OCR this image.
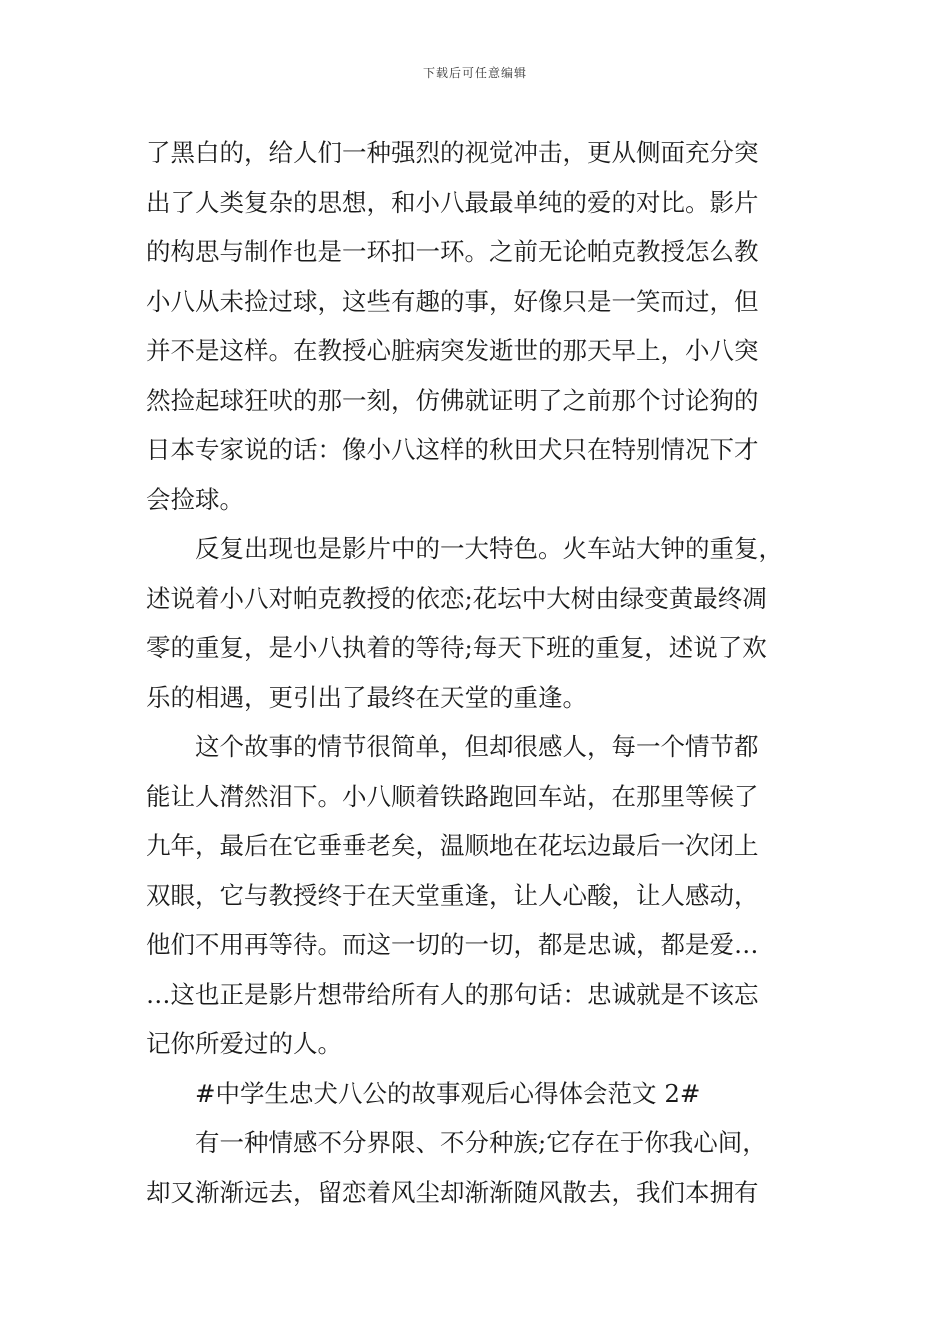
下载后可任意编辑
了黑白的，给人们一种强烈的视觉冲击，更从侧面充分突
出了人类复杂的思想，和小八最最单纯的爱的对比。影片
的构思与制作也是一环扣一环。之前无论帕克教授怎么教
小八从未捡过球，这些有趣的事，好像只是一笑而过，但
并不是这样。在教授心脏病突发逝世的那天早上，小八突
然捡起球狂吠的那一刻，仿佛就证明了之前那个讨论狗的
日本专家说的话：像小八这样的秋田犬只在特别情况下才
会捡球。
反复出现也是影片中的一大特色。火车站大钟的重复，
述说着小八对帕克教授的依恋;花坛中大树由绿变黄最终凋
零的重复，是小八执着的等待;每天下班的重复，述说了欢
乐的相遇，更引出了最终在天堂的重逢。
这个故事的情节很简单，但却很感人，每一个情节都
能让人潸然泪下。小八顺着铁路跑回车站，在那里等候了
九年，最后在它垂垂老矣，温顺地在花坛边最后一次闭上
双眼，它与教授终于在天堂重逢，让人心酸，让人感动，
他们不用再等待。而这一切的一切，都是忠诚，都是爱…
…这也正是影片想带给所有人的那句话：忠诚就是不该忘
记你所爱过的人。
#中学生忠犬八公的故事观后心得体会范文 2#
有一种情感不分界限、不分种族;它存在于你我心间，
却又渐渐远去，留恋着风尘却渐渐随风散去，我们本拥有
